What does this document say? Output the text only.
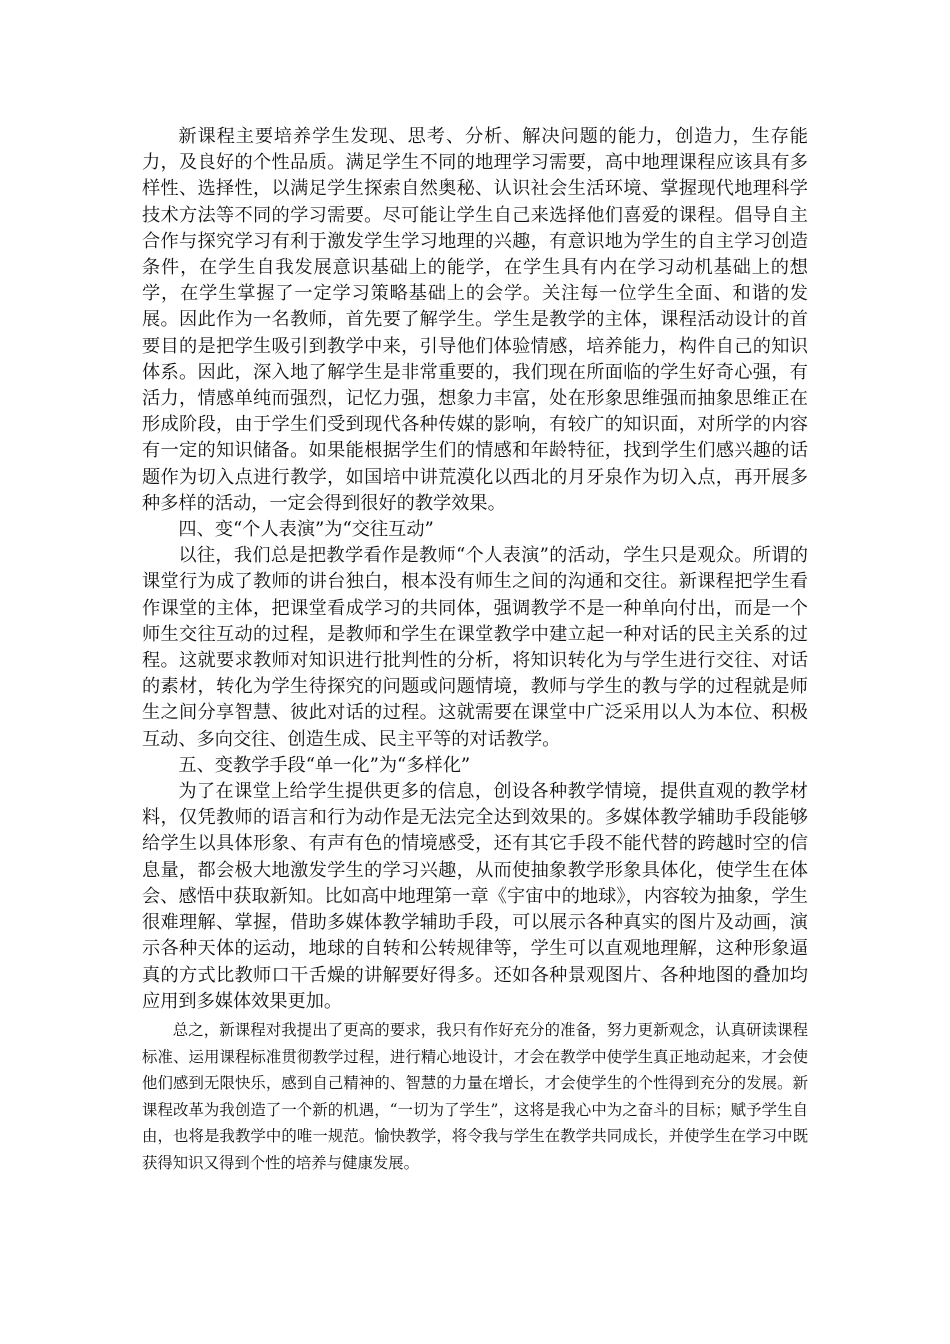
新课程主要培养学生发现、思考、分析、解决问题的能力，创造力，生存能力，及良好的个性品质。满足学生不同的地理学习需要，高中地理课程应该具有多样性、选择性，以满足学生探索自然奥秘、认识社会生活环境、掌握现代地理科学技术方法等不同的学习需要。尽可能让学生自己来选择他们喜爱的课程。倡导自主合作与探究学习有利于激发学生学习地理的兴趣，有意识地为学生的自主学习创造条件，在学生自我发展意识基础上的能学，在学生具有内在学习动机基础上的想学，在学生掌握了一定学习策略基础上的会学。关注每一位学生全面、和谐的发展。因此作为一名教师，首先要了解学生。学生是教学的主体，课程活动设计的首要目的是把学生吸引到教学中来，引导他们体验情感，培养能力，构件自己的知识体系。因此，深入地了解学生是非常重要的，我们现在所面临的学生好奇心强，有活力，情感单纯而强烈，记忆力强，想象力丰富，处在形象思维强而抽象思维正在形成阶段，由于学生们受到现代各种传媒的影响，有较广的知识面，对所学的内容有一定的知识储备。如果能根据学生们的情感和年龄特征，找到学生们感兴趣的话题作为切入点进行教学，如国培中讲荒漠化以西北的月牙泉作为切入点，再开展多种多样的活动，一定会得到很好的教学效果。

四、变“个人表演”为“交往互动”

以往，我们总是把教学看作是教师“个人表演”的活动，学生只是观众。所谓的课堂行为成了教师的讲台独白，根本没有师生之间的沟通和交往。新课程把学生看作课堂的主体，把课堂看成学习的共同体，强调教学不是一种单向付出，而是一个师生交往互动的过程，是教师和学生在课堂教学中建立起一种对话的民主关系的过程。这就要求教师对知识进行批判性的分析，将知识转化为与学生进行交往、对话的素材，转化为学生待探究的问题或问题情境，教师与学生的教与学的过程就是师生之间分享智慧、彼此对话的过程。这就需要在课堂中广泛采用以人为本位、积极互动、多向交往、创造生成、民主平等的对话教学。

五、变教学手段“单一化”为“多样化”

为了在课堂上给学生提供更多的信息，创设各种教学情境，提供直观的教学材料，仅凭教师的语言和行为动作是无法完全达到效果的。多媒体教学辅助手段能够给学生以具体形象、有声有色的情境感受，还有其它手段不能代替的跨越时空的信息量，都会极大地激发学生的学习兴趣，从而使抽象教学形象具体化，使学生在体会、感悟中获取新知。比如高中地理第一章《宇宙中的地球》，内容较为抽象，学生很难理解、掌握，借助多媒体教学辅助手段，可以展示各种真实的图片及动画，演示各种天体的运动，地球的自转和公转规律等，学生可以直观地理解，这种形象逼真的方式比教师口干舌燥的讲解要好得多。还如各种景观图片、各种地图的叠加均应用到多媒体效果更加。

总之，新课程对我提出了更高的要求，我只有作好充分的准备，努力更新观念，认真研读课程标准、运用课程标准贯彻教学过程，进行精心地设计，才会在教学中使学生真正地动起来，才会使他们感到无限快乐，感到自己精神的、智慧的力量在增长，才会使学生的个性得到充分的发展。新课程改革为我创造了一个新的机遇，“一切为了学生”，这将是我心中为之奋斗的目标；赋予学生自由，也将是我教学中的唯一规范。愉快教学，将令我与学生在教学共同成长，并使学生在学习中既获得知识又得到个性的培养与健康发展。
